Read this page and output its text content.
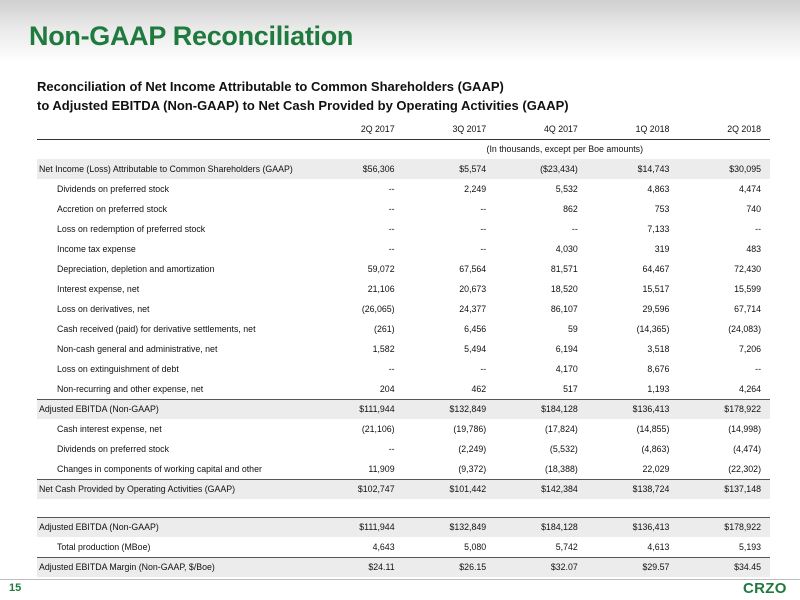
Non-GAAP Reconciliation
Reconciliation of Net Income Attributable to Common Shareholders (GAAP)
to Adjusted EBITDA (Non-GAAP) to Net Cash Provided by Operating Activities (GAAP)
	2Q 2017	3Q 2017	4Q 2017	1Q 2018	2Q 2018
(In thousands, except per Boe amounts)					
Net Income (Loss) Attributable to Common Shareholders (GAAP)	$56,306	$5,574	($23,434)	$14,743	$30,095
Dividends on preferred stock	--	2,249	5,532	4,863	4,474
Accretion on preferred stock	--	--	862	753	740
Loss on redemption of preferred stock	--	--	--	7,133	--
Income tax expense	--	--	4,030	319	483
Depreciation, depletion and amortization	59,072	67,564	81,571	64,467	72,430
Interest expense, net	21,106	20,673	18,520	15,517	15,599
Loss on derivatives, net	(26,065)	24,377	86,107	29,596	67,714
Cash received (paid) for derivative settlements, net	(261)	6,456	59	(14,365)	(24,083)
Non-cash general and administrative, net	1,582	5,494	6,194	3,518	7,206
Loss on extinguishment of debt	--	--	4,170	8,676	--
Non-recurring and other expense, net	204	462	517	1,193	4,264
Adjusted EBITDA (Non-GAAP)	$111,944	$132,849	$184,128	$136,413	$178,922
Cash interest expense, net	(21,106)	(19,786)	(17,824)	(14,855)	(14,998)
Dividends on preferred stock	--	(2,249)	(5,532)	(4,863)	(4,474)
Changes in components of working capital and other	11,909	(9,372)	(18,388)	22,029	(22,302)
Net Cash Provided by Operating Activities (GAAP)	$102,747	$101,442	$142,384	$138,724	$137,148

Adjusted EBITDA (Non-GAAP)	$111,944	$132,849	$184,128	$136,413	$178,922
Total production (MBoe)	4,643	5,080	5,742	4,613	5,193
Adjusted EBITDA Margin (Non-GAAP, $/Boe)	$24.11	$26.15	$32.07	$29.57	$34.45
15	CRZO
